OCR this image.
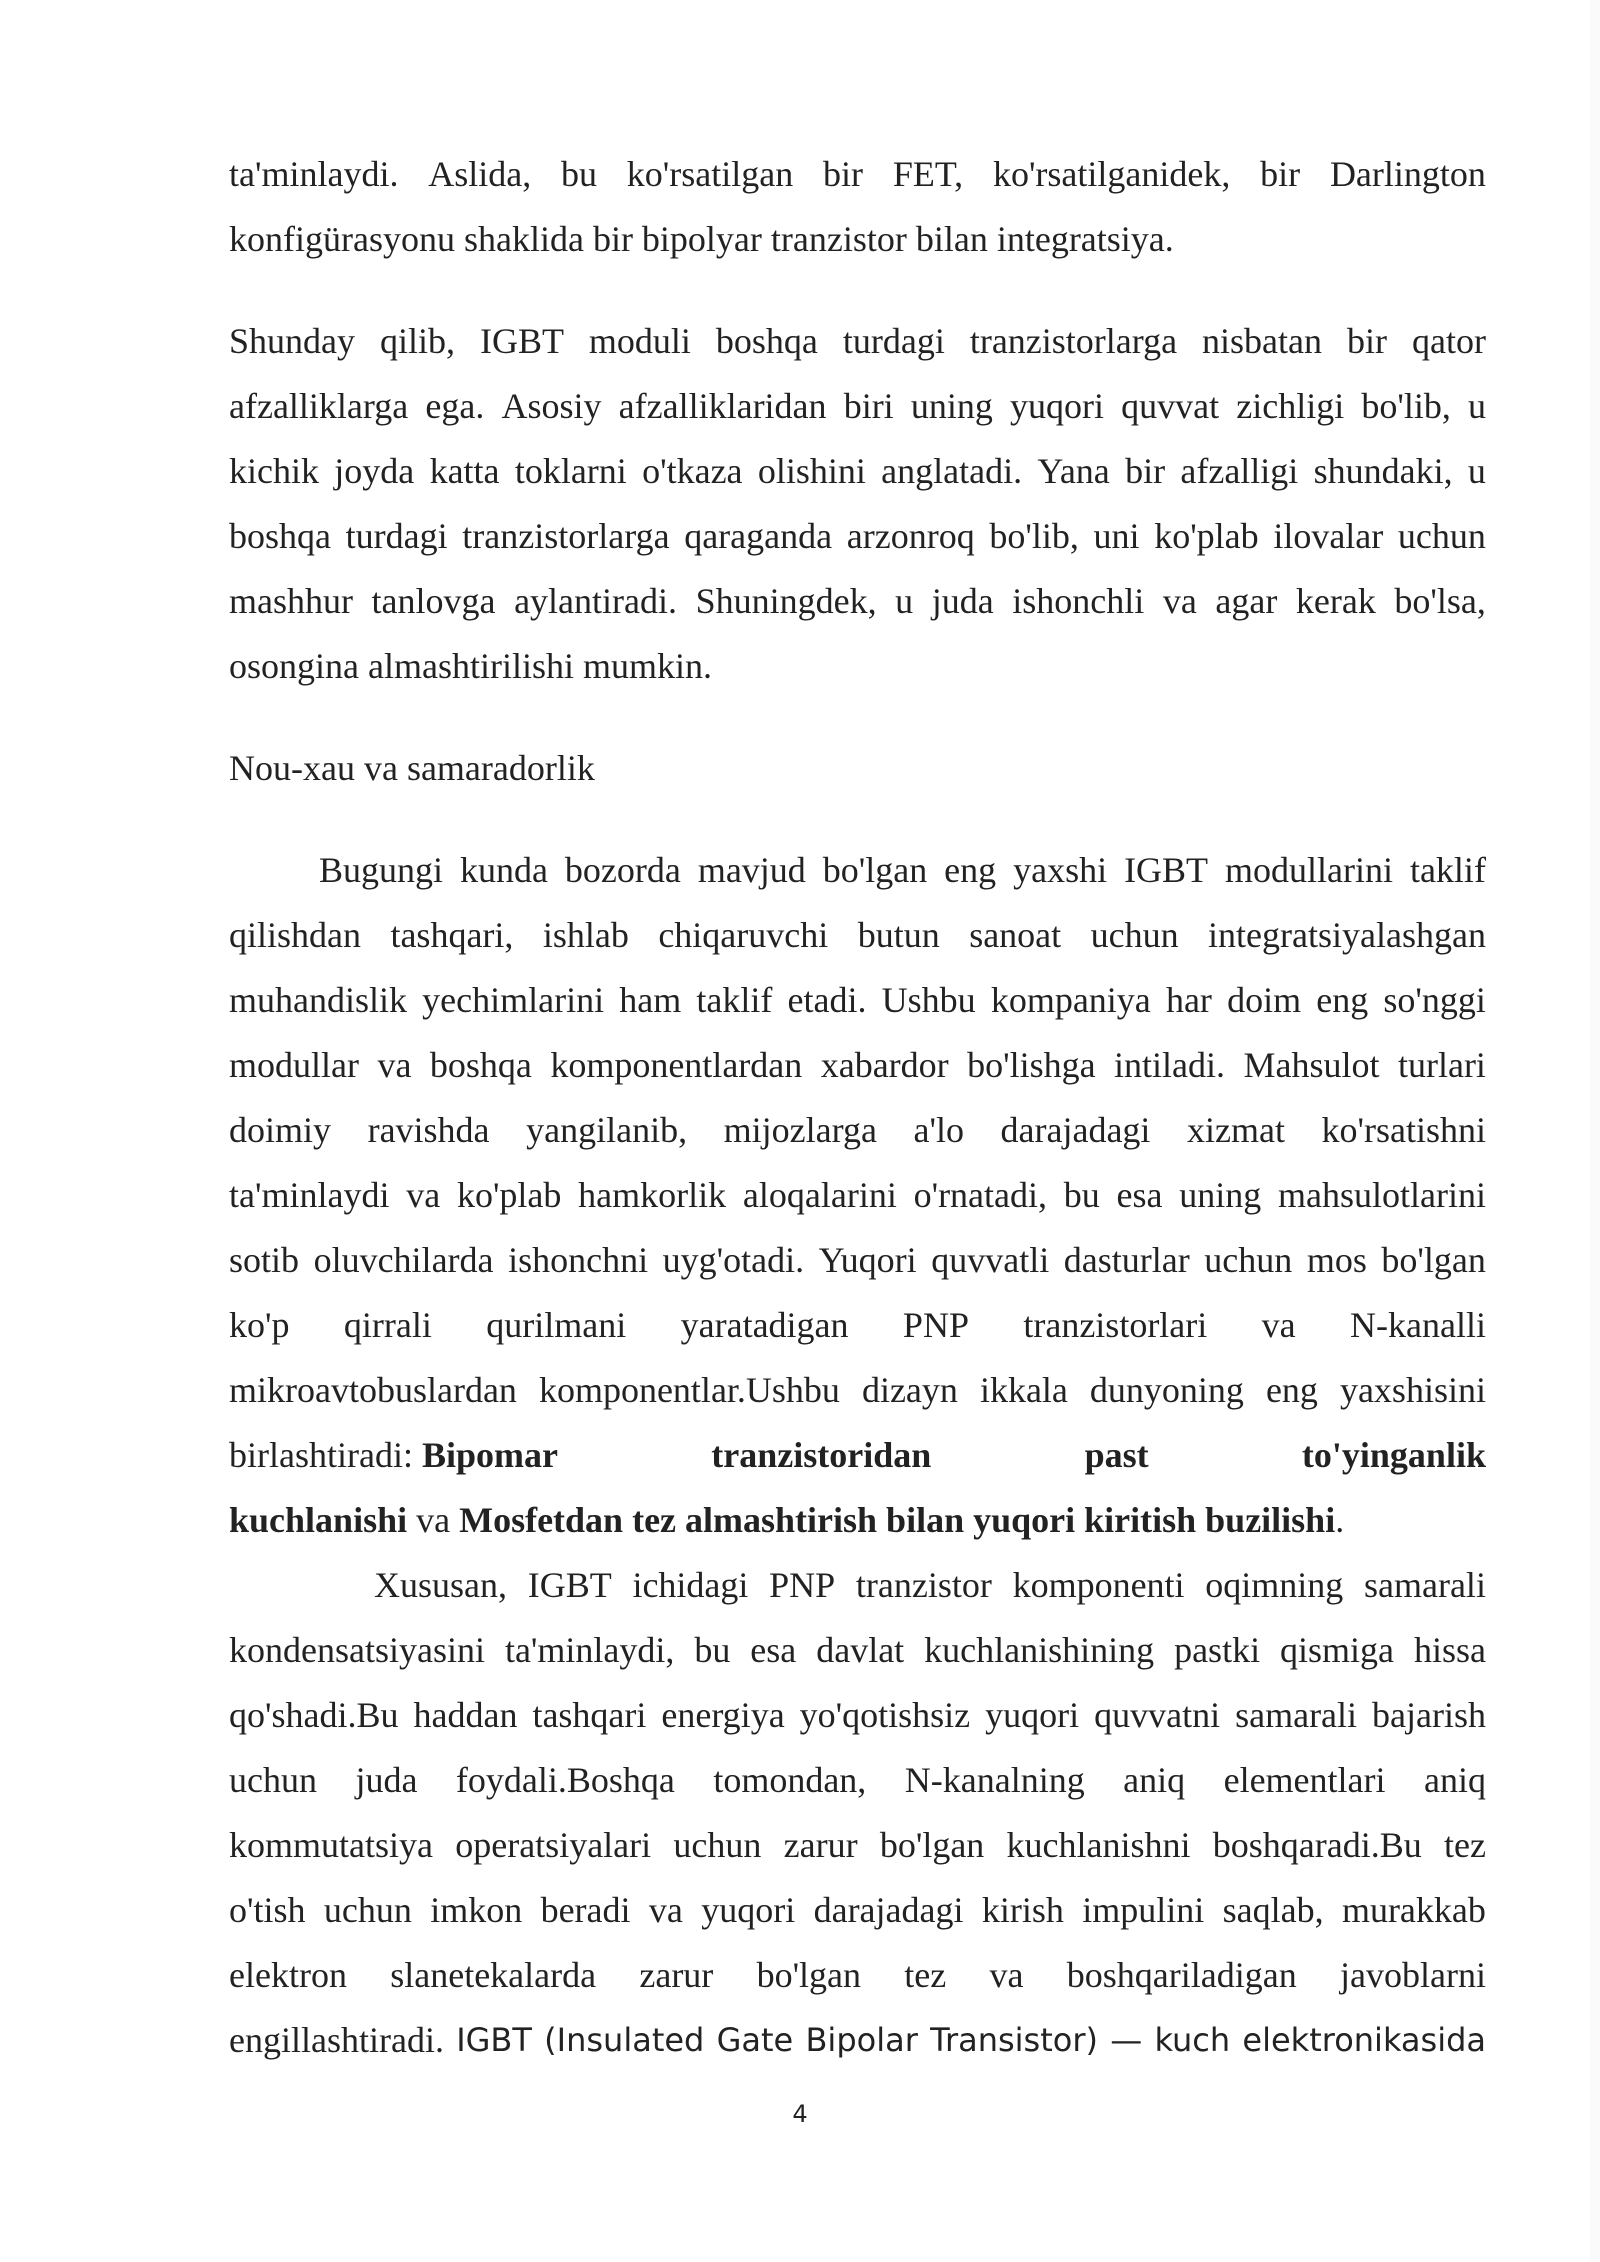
ta'minlaydi. Aslida, bu ko'rsatilgan bir FET, ko'rsatilganidek, bir Darlington
konfigürasyonu shaklida bir bipolyar tranzistor bilan integratsiya.
Shunday qilib, IGBT moduli boshqa turdagi tranzistorlarga nisbatan bir qator
afzalliklarga ega. Asosiy afzalliklaridan biri uning yuqori quvvat zichligi bo'lib, u
kichik joyda katta toklarni o'tkaza olishini anglatadi. Yana bir afzalligi shundaki, u
boshqa turdagi tranzistorlarga qaraganda arzonroq bo'lib, uni ko'plab ilovalar uchun
mashhur tanlovga aylantiradi. Shuningdek, u juda ishonchli va agar kerak bo'lsa,
osongina almashtirilishi mumkin.
Nou-xau va samaradorlik
Bugungi kunda bozorda mavjud bo'lgan eng yaxshi IGBT modullarini taklif
qilishdan tashqari, ishlab chiqaruvchi butun sanoat uchun integratsiyalashgan
muhandislik yechimlarini ham taklif etadi. Ushbu kompaniya har doim eng so'nggi
modullar va boshqa komponentlardan xabardor bo'lishga intiladi. Mahsulot turlari
doimiy ravishda yangilanib, mijozlarga a'lo darajadagi xizmat ko'rsatishni
ta'minlaydi va ko'plab hamkorlik aloqalarini o'rnatadi, bu esa uning mahsulotlarini
sotib oluvchilarda ishonchni uyg'otadi. Yuqori quvvatli dasturlar uchun mos bo'lgan
ko'p qirrali qurilmani yaratadigan PNP tranzistorlari va N-kanalli
mikroavtobuslardan komponentlar.Ushbu dizayn ikkala dunyoning eng yaxshisini
birlashtiradi: Bipomar	tranzistoridan	past	to'yinganlik
kuchlanishi va Mosfetdan tez almashtirish bilan yuqori kiritish buzilishi .
Xususan, IGBT ichidagi PNP tranzistor komponenti oqimning samarali
kondensatsiyasini ta'minlaydi, bu esa davlat kuchlanishining pastki qismiga hissa
qo'shadi.Bu haddan tashqari energiya yo'qotishsiz yuqori quvvatni samarali bajarish
uchun juda foydali.Boshqa tomondan, N-kanalning aniq elementlari aniq
kommutatsiya operatsiyalari uchun zarur bo'lgan kuchlanishni boshqaradi.Bu tez
o'tish uchun imkon beradi va yuqori darajadagi kirish impulini saqlab, murakkab
elektron slanetekalarda zarur bo'lgan tez va boshqariladigan javoblarni
engillashtiradi. IGBT (Insulated Gate Bipolar Transistor) — kuch elektronikasida
4
